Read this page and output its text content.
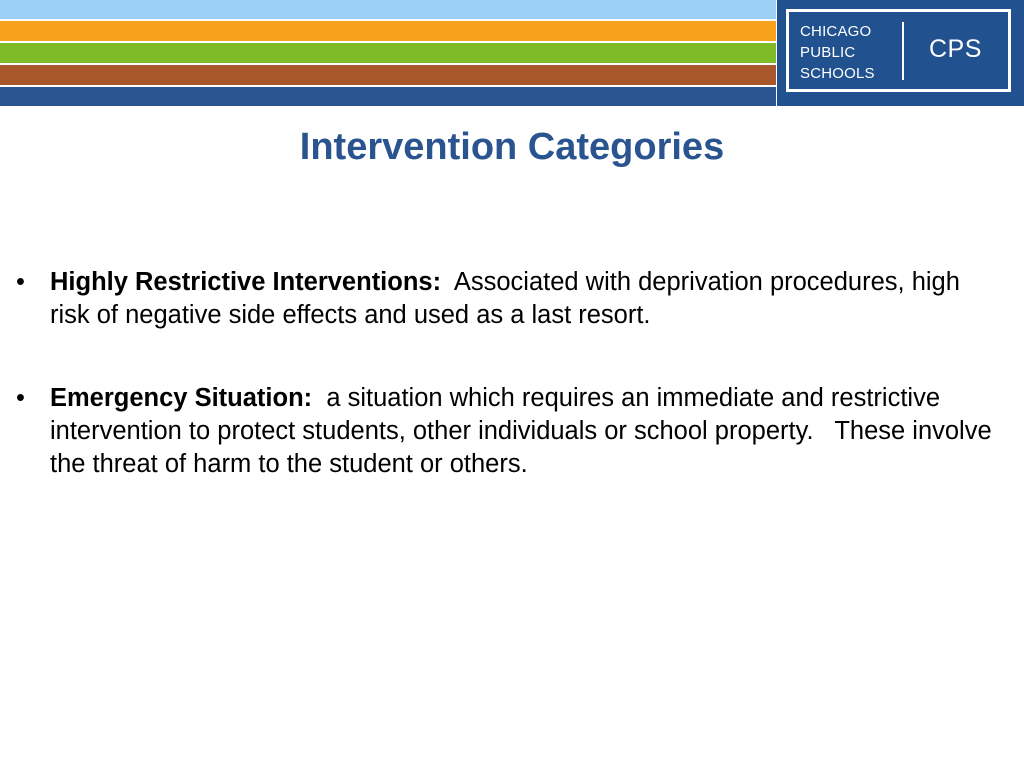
CHICAGO
PUBLIC
SCHOOLS
CPS
Intervention Categories
• Highly Restrictive Interventions: Associated with deprivation procedures, high risk of negative side effects and used as a last resort.
• Emergency Situation: a situation which requires an immediate and restrictive intervention to protect students, other individuals or school property.   These involve the threat of harm to the student or others.
